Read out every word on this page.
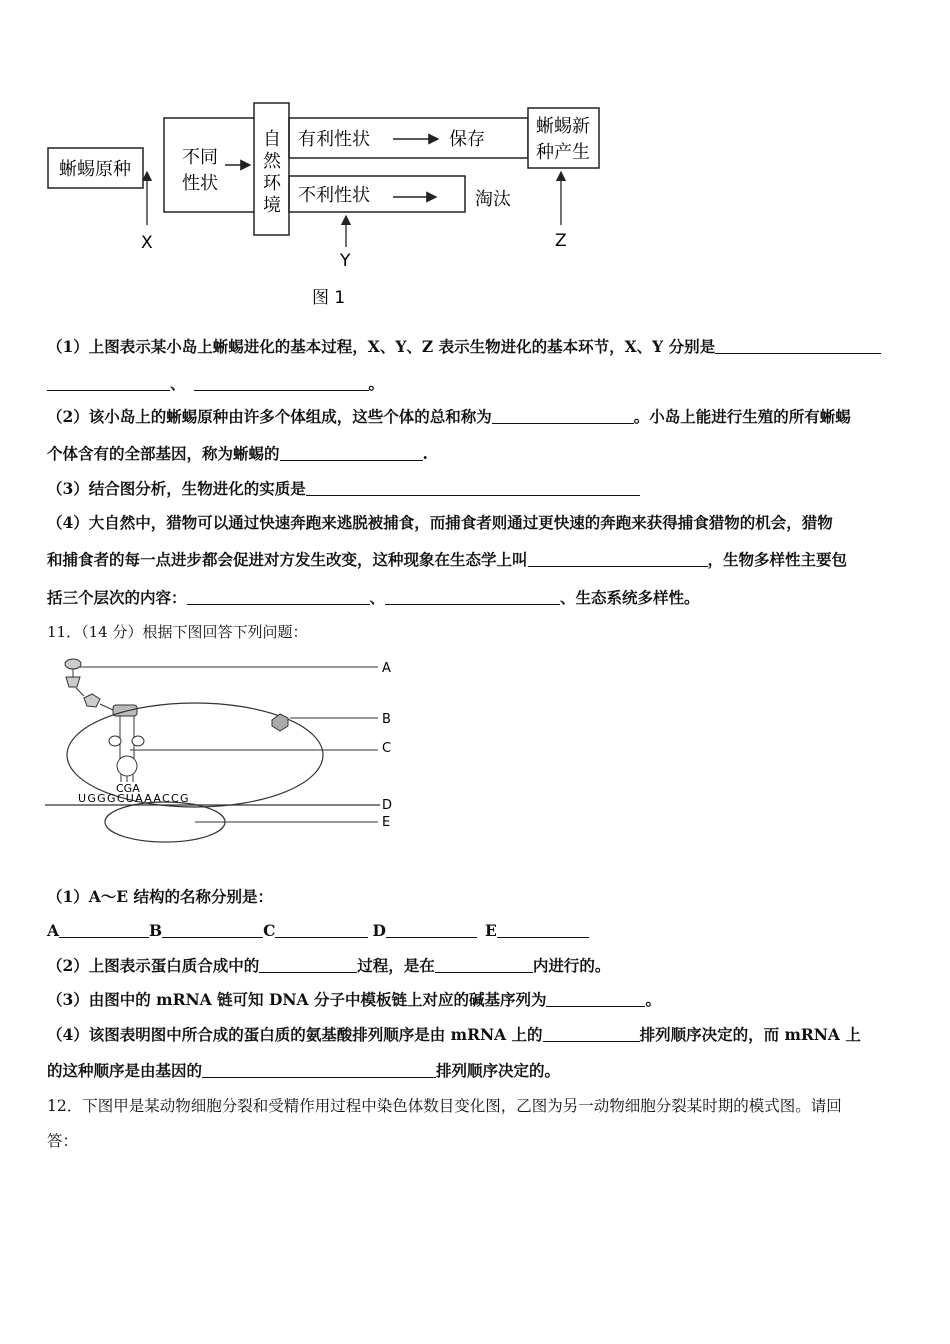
蜥蜴原种
不同
性状
自
然
环
境
有利性状	保存
不利性状	淘汰
蜥蜴新
种产生
X
Y
Z
图 1
（1）上图表示某小岛上蜥蜴进化的基本过程，X、Y、Z 表示生物进化的基本环节，X、Y 分别是
、	。
（2）该小岛上的蜥蜴原种由许多个体组成，这些个体的总和称为	。小岛上能进行生殖的所有蜥蜴
个体含有的全部基因，称为蜥蜴的	.
（3）结合图分析，生物进化的实质是
（4）大自然中，猎物可以通过快速奔跑来逃脱被捕食，而捕食者则通过更快速的奔跑来获得捕食猎物的机会，猎物
和捕食者的每一点进步都会促进对方发生改变，这种现象在生态学上叫	，生物多样性主要包
括三个层次的内容：	、	、生态系统多样性。
11．（14 分）根据下图回答下列问题：
CGA
UGGGCUAAACCG
A
B
C
D
E
（1）A～E 结构的名称分别是：
A	B	C	D	E
（2）上图表示蛋白质合成中的	过程，是在	内进行的。
（3）由图中的 mRNA 链可知 DNA 分子中模板链上对应的碱基序列为	。
（4）该图表明图中所合成的蛋白质的氨基酸排列顺序是由 mRNA 上的	排列顺序决定的，而 mRNA 上
的这种顺序是由基因的	排列顺序决定的。
12．下图甲是某动物细胞分裂和受精作用过程中染色体数目变化图，乙图为另一动物细胞分裂某时期的模式图。请回
答：
